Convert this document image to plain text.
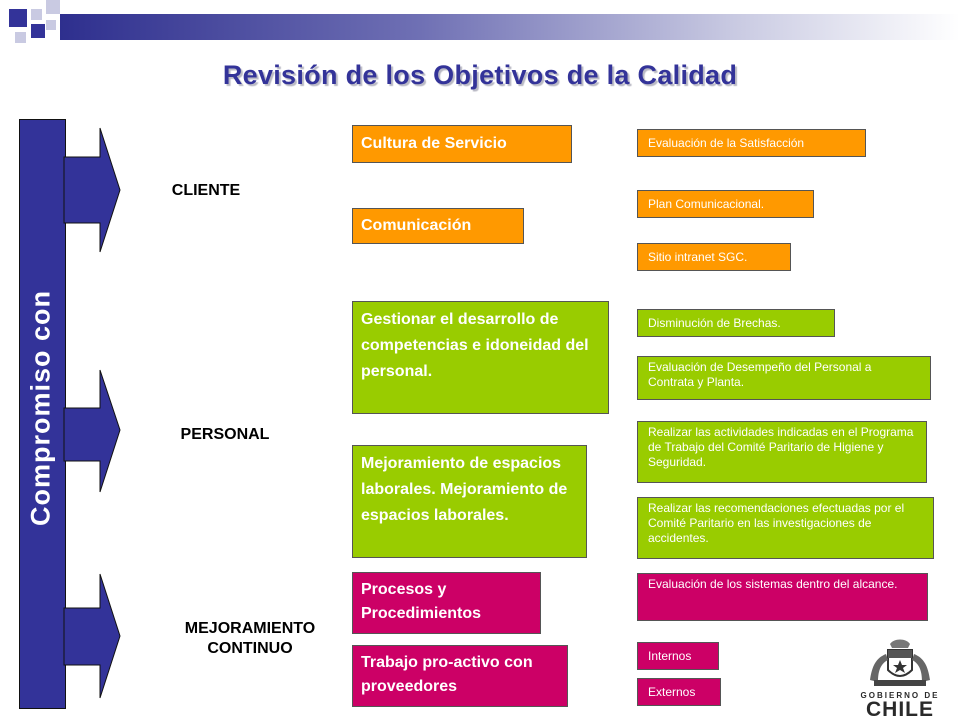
Revisión de los Objetivos de la Calidad
Compromiso con
CLIENTE
PERSONAL
MEJORAMIENTO CONTINUO
Cultura de Servicio
Comunicación
Gestionar el desarrollo de competencias e idoneidad del personal.
Mejoramiento de espacios laborales. Mejoramiento de espacios laborales.
Procesos y Procedimientos
Trabajo pro-activo con proveedores
Evaluación de la Satisfacción
Plan Comunicacional.
Sitio intranet SGC.
Disminución de Brechas.
Evaluación de Desempeño del Personal a Contrata y Planta.
Realizar las actividades indicadas en el Programa de Trabajo del Comité Paritario de Higiene y Seguridad.
Realizar las recomendaciones efectuadas por el Comité Paritario en las investigaciones de accidentes.
Evaluación de los sistemas dentro del alcance.
Internos
Externos	GOBIERNO DE
CHILE
